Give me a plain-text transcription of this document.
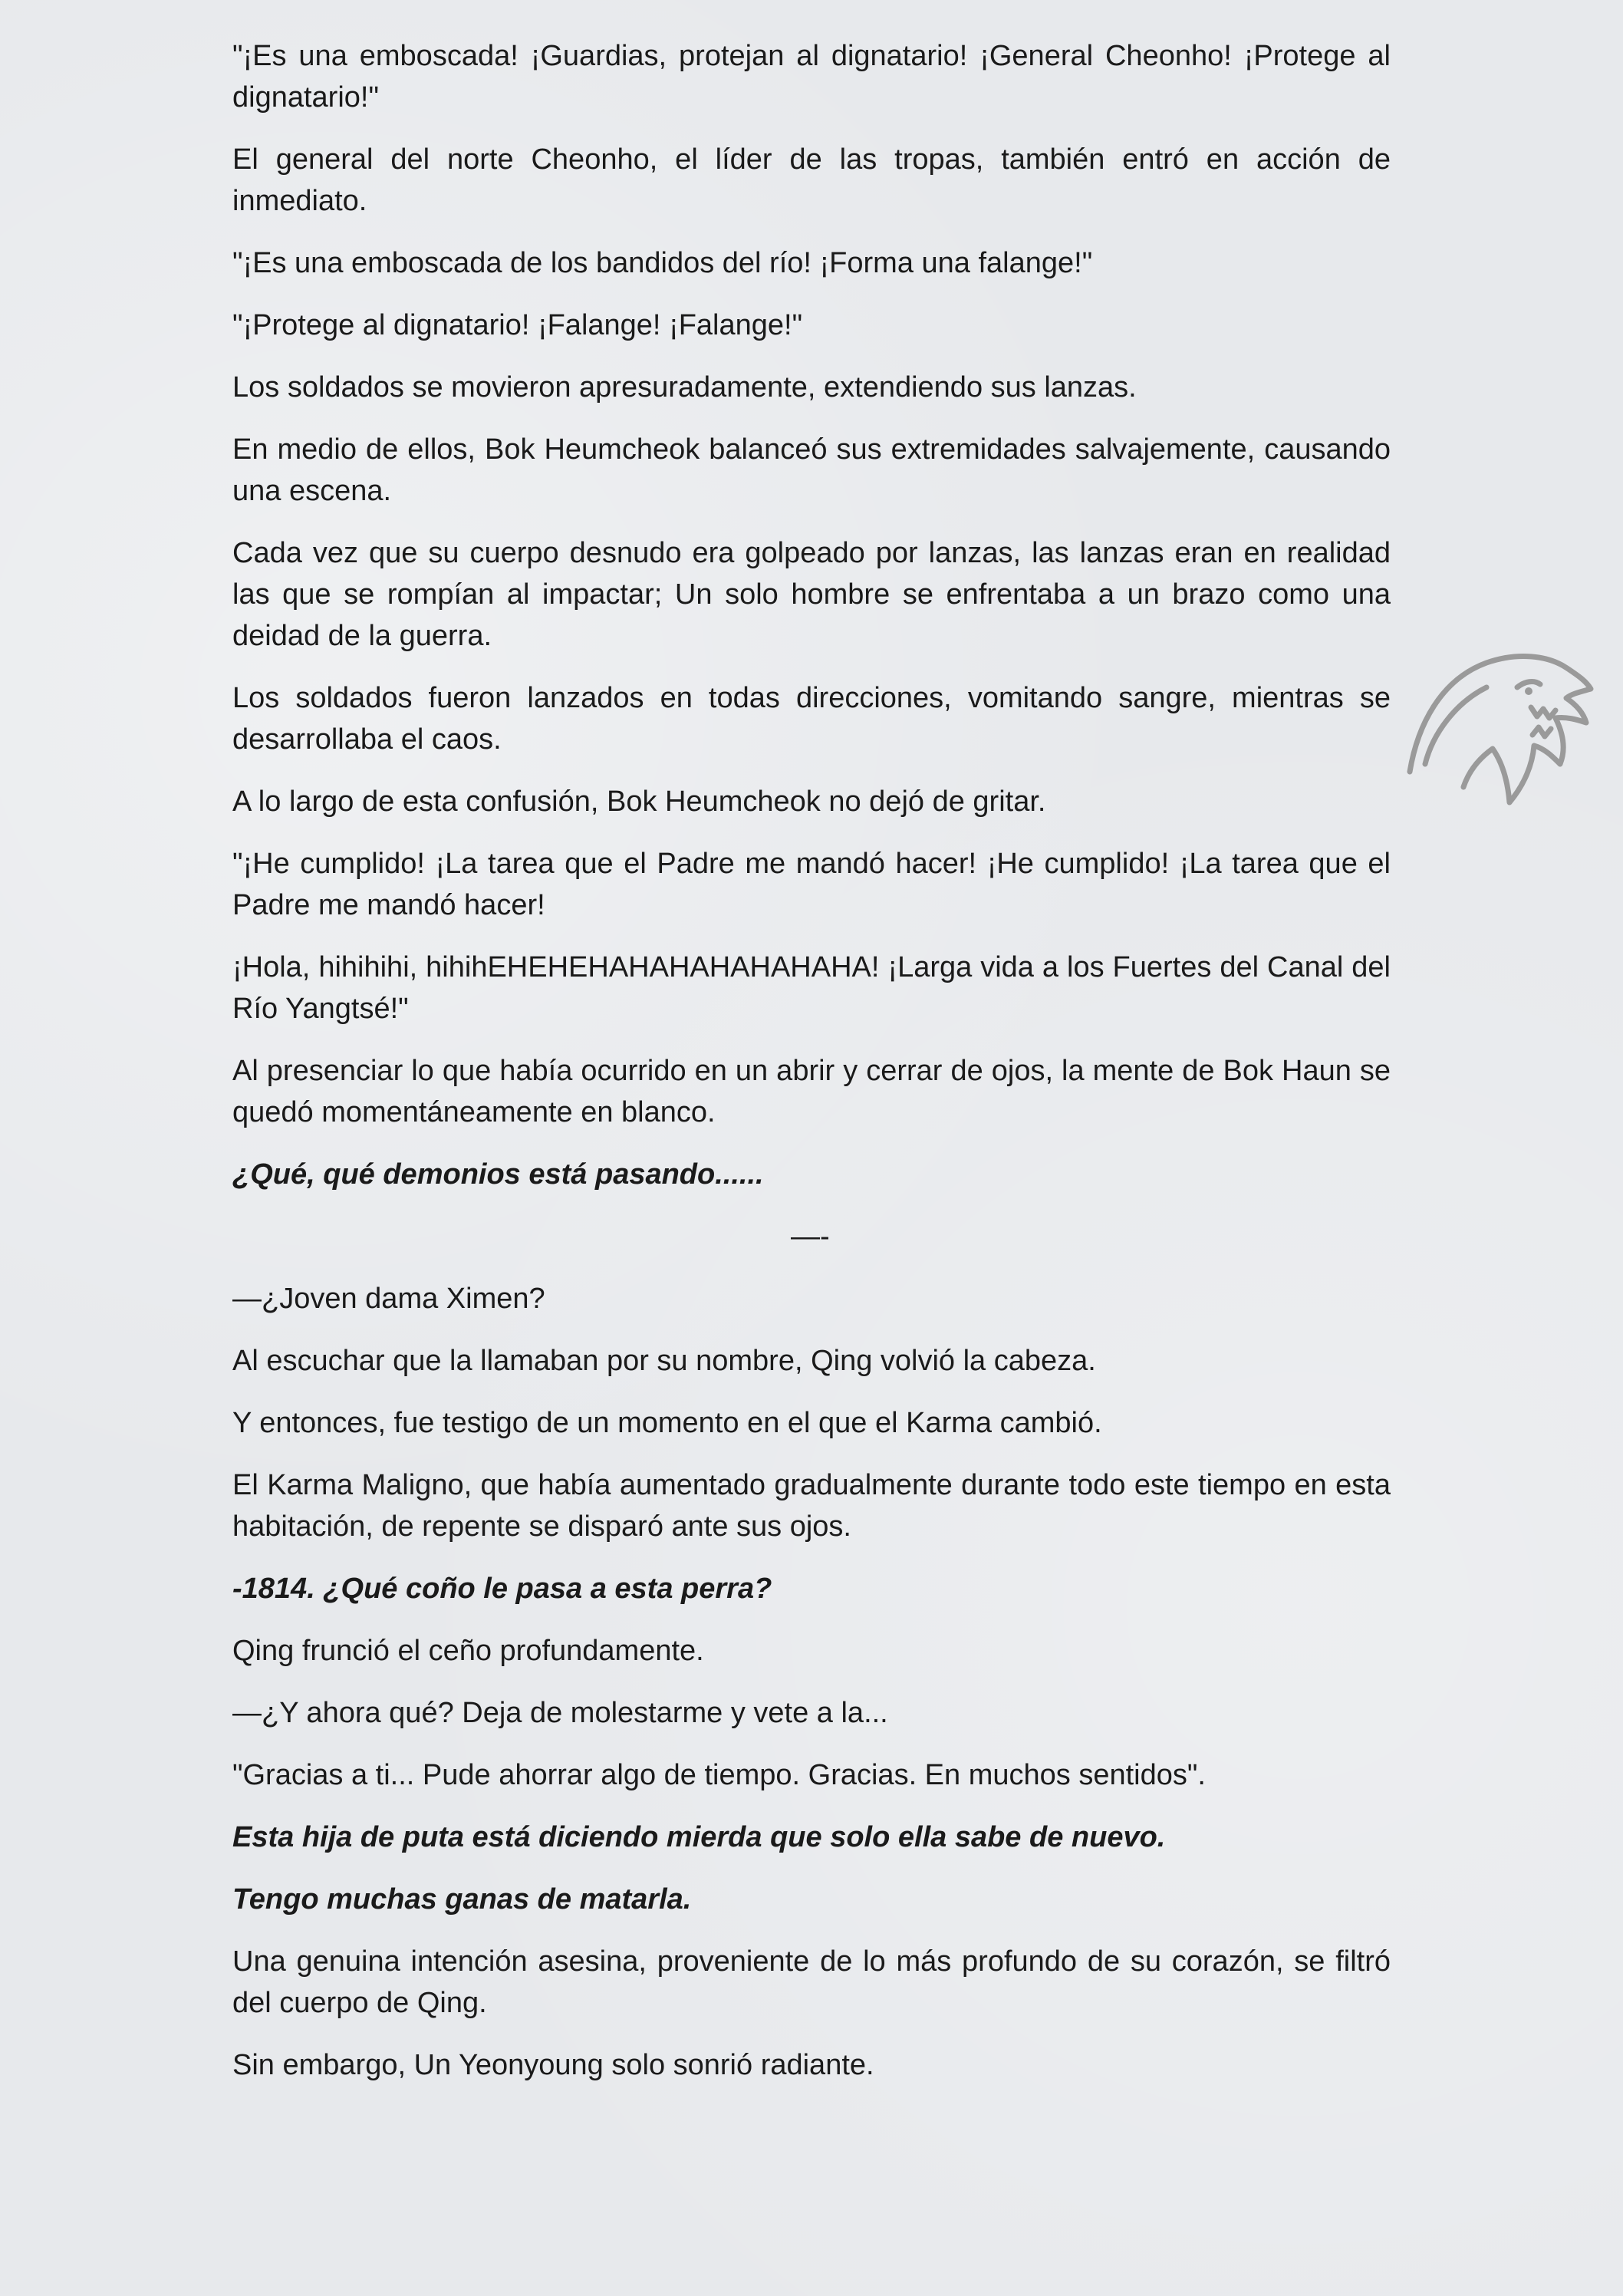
"¡Es una emboscada! ¡Guardias, protejan al dignatario! ¡General Cheonho! ¡Protege al dignatario!"

El general del norte Cheonho, el líder de las tropas, también entró en acción de inmediato.

"¡Es una emboscada de los bandidos del río! ¡Forma una falange!"

"¡Protege al dignatario! ¡Falange! ¡Falange!"

Los soldados se movieron apresuradamente, extendiendo sus lanzas.

En medio de ellos, Bok Heumcheok balanceó sus extremidades salvajemente, causando una escena.

Cada vez que su cuerpo desnudo era golpeado por lanzas, las lanzas eran en realidad las que se rompían al impactar; Un solo hombre se enfrentaba a un brazo como una deidad de la guerra.

Los soldados fueron lanzados en todas direcciones, vomitando sangre, mientras se desarrollaba el caos.

A lo largo de esta confusión, Bok Heumcheok no dejó de gritar.

"¡He cumplido! ¡La tarea que el Padre me mandó hacer! ¡He cumplido! ¡La tarea que el Padre me mandó hacer!

¡Hola, hihihihi, hihihEHEHEHAHAHAHAHAHAHA! ¡Larga vida a los Fuertes del Canal del Río Yangtsé!"

Al presenciar lo que había ocurrido en un abrir y cerrar de ojos, la mente de Bok Haun se quedó momentáneamente en blanco.

¿Qué, qué demonios está pasando......

—-

—¿Joven dama Ximen?

Al escuchar que la llamaban por su nombre, Qing volvió la cabeza.

Y entonces, fue testigo de un momento en el que el Karma cambió.

El Karma Maligno, que había aumentado gradualmente durante todo este tiempo en esta habitación, de repente se disparó ante sus ojos.

-1814. ¿Qué coño le pasa a esta perra?

Qing frunció el ceño profundamente.

—¿Y ahora qué? Deja de molestarme y vete a la...

"Gracias a ti... Pude ahorrar algo de tiempo. Gracias. En muchos sentidos".

Esta hija de puta está diciendo mierda que solo ella sabe de nuevo.

Tengo muchas ganas de matarla.

Una genuina intención asesina, proveniente de lo más profundo de su corazón, se filtró del cuerpo de Qing.

Sin embargo, Un Yeonyoung solo sonrió radiante.
